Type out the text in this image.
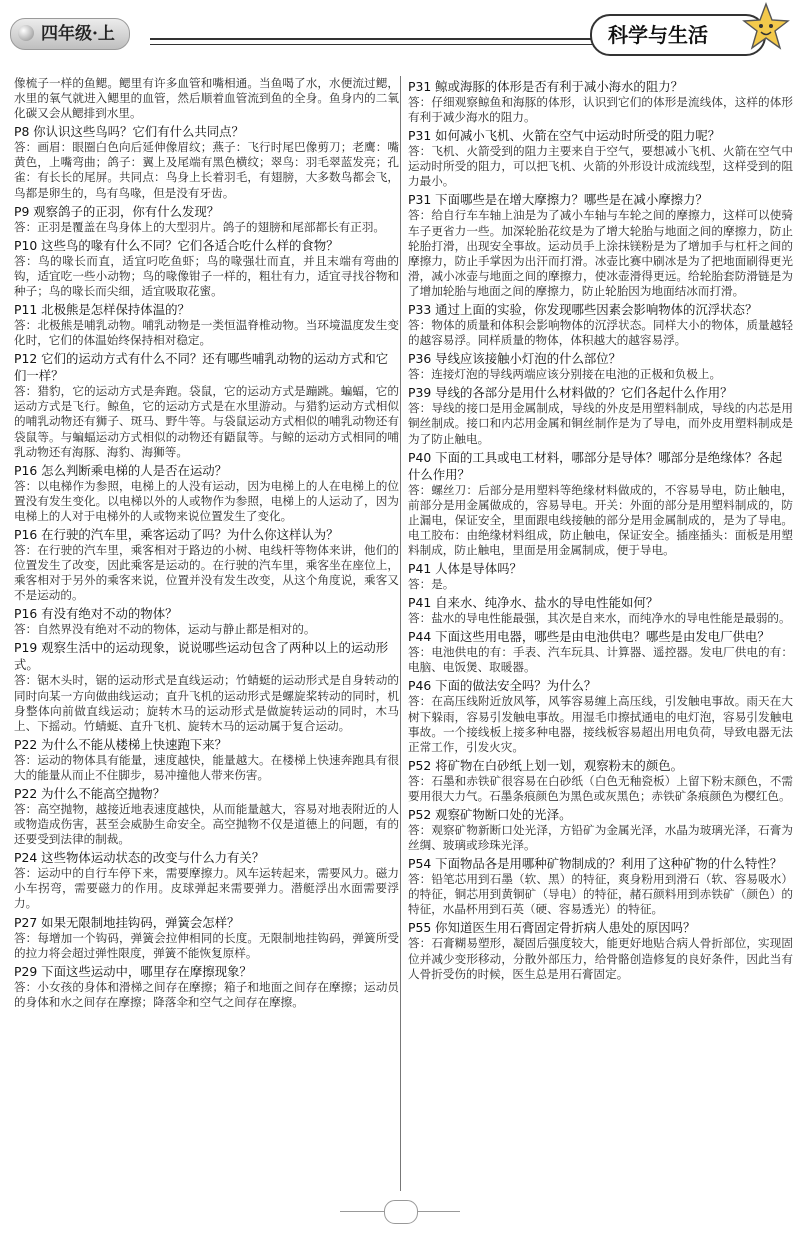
四年级·上	科学与生活
像梳子一样的鱼鳃。鳃里有许多血管和嘴相通。当鱼喝了水，水便流过鳃，水里的氧气就进入鳃里的血管，然后顺着血管流到鱼的全身。鱼身内的二氧化碳又会从鳃排到水里。
P8 你认识这些鸟吗？它们有什么共同点？
答：画眉：眼圈白色向后延伸像眉纹；燕子：飞行时尾巴像剪刀；老鹰：嘴黄色，上嘴弯曲；鸽子：翼上及尾端有黑色横纹；翠鸟：羽毛翠蓝发亮；孔雀：有长长的尾屏。共同点：鸟身上长着羽毛，有翅膀，大多数鸟都会飞，鸟都是卵生的，鸟有鸟喙，但是没有牙齿。
P9 观察鸽子的正羽，你有什么发现？
答：正羽是覆盖在鸟身体上的大型羽片。鸽子的翅膀和尾部都长有正羽。
P10 这些鸟的喙有什么不同？它们各适合吃什么样的食物？
答：鸟的喙长而直，适宜叼吃鱼虾；鸟的喙强壮而直，并且末端有弯曲的钩，适宜吃一些小动物；鸟的喙像钳子一样的，粗壮有力，适宜寻找谷物和种子；鸟的喙长而尖细，适宜吸取花蜜。
P11 北极熊是怎样保持体温的？
答：北极熊是哺乳动物。哺乳动物是一类恒温脊椎动物。当环境温度发生变化时，它们的体温始终保持相对稳定。
P12 它们的运动方式有什么不同？还有哪些哺乳动物的运动方式和它们一样？
答：猎豹，它的运动方式是奔跑。袋鼠，它的运动方式是蹦跳。蝙蝠，它的运动方式是飞行。鲸鱼，它的运动方式是在水里游动。与猎豹运动方式相似的哺乳动物还有狮子、斑马、野牛等。与袋鼠运动方式相似的哺乳动物还有袋鼠等。与蝙蝠运动方式相似的动物还有鼯鼠等。与鲸的运动方式相同的哺乳动物还有海豚、海豹、海狮等。
P16 怎么判断乘电梯的人是否在运动？
答：以电梯作为参照，电梯上的人没有运动，因为电梯上的人在电梯上的位置没有发生变化。以电梯以外的人或物作为参照，电梯上的人运动了，因为电梯上的人对于电梯外的人或物来说位置发生了变化。
P16 在行驶的汽车里，乘客运动了吗？为什么你这样认为？
答：在行驶的汽车里，乘客相对于路边的小树、电线杆等物体来讲，他们的位置发生了改变，因此乘客是运动的。在行驶的汽车里，乘客坐在座位上，乘客相对于另外的乘客来说，位置并没有发生改变，从这个角度说，乘客又不是运动的。
P16 有没有绝对不动的物体？
答：自然界没有绝对不动的物体，运动与静止都是相对的。
P19 观察生活中的运动现象，说说哪些运动包含了两种以上的运动形式。
答：锯木头时，锯的运动形式是直线运动；竹蜻蜓的运动形式是自身转动的同时向某一方向做曲线运动；直升飞机的运动形式是螺旋桨转动的同时，机身整体向前做直线运动；旋转木马的运动形式是做旋转运动的同时，木马上、下摇动。竹蜻蜓、直升飞机、旋转木马的运动属于复合运动。
P22 为什么不能从楼梯上快速跑下来？
答：运动的物体具有能量，速度越快，能量越大。在楼梯上快速奔跑具有很大的能量从而止不住脚步，易冲撞他人带来伤害。
P22 为什么不能高空抛物？
答：高空抛物，越接近地表速度越快，从而能量越大，容易对地表附近的人或物造成伤害，甚至会威胁生命安全。高空抛物不仅是道德上的问题，有的还要受到法律的制裁。
P24 这些物体运动状态的改变与什么力有关？
答：运动中的自行车停下来，需要摩擦力。风车运转起来，需要风力。磁力小车拐弯，需要磁力的作用。皮球弹起来需要弹力。潜艇浮出水面需要浮力。
P27 如果无限制地挂钩码，弹簧会怎样？
答：每增加一个钩码，弹簧会拉伸相同的长度。无限制地挂钩码，弹簧所受的拉力将会超过弹性限度，弹簧不能恢复原样。
P29 下面这些运动中，哪里存在摩擦现象？
答：小女孩的身体和滑梯之间存在摩擦；箱子和地面之间存在摩擦；运动员的身体和水之间存在摩擦；降落伞和空气之间存在摩擦。
P31 鲸或海豚的体形是否有利于减小海水的阻力？
答：仔细观察鲸鱼和海豚的体形，认识到它们的体形是流线体，这样的体形有利于减少海水的阻力。
P31 如何减小飞机、火箭在空气中运动时所受的阻力呢？
答：飞机、火箭受到的阻力主要来自于空气，要想减小飞机、火箭在空气中运动时所受的阻力，可以把飞机、火箭的外形设计成流线型，这样受到的阻力最小。
P31 下面哪些是在增大摩擦力？哪些是在减小摩擦力？
答：给自行车车轴上油是为了减小车轴与车轮之间的摩擦力，这样可以使骑车子更省力一些。加深轮胎花纹是为了增大轮胎与地面之间的摩擦力，防止轮胎打滑，出现安全事故。运动员手上涂抹镁粉是为了增加手与杠杆之间的摩擦力，防止手掌因为出汗而打滑。冰壶比赛中刷冰是为了把地面刷得更光滑，减小冰壶与地面之间的摩擦力，使冰壶滑得更远。给轮胎套防滑链是为了增加轮胎与地面之间的摩擦力，防止轮胎因为地面结冰而打滑。
P33 通过上面的实验，你发现哪些因素会影响物体的沉浮状态？
答：物体的质量和体积会影响物体的沉浮状态。同样大小的物体，质量越轻的越容易浮。同样质量的物体，体积越大的越容易浮。
P36 导线应该接触小灯泡的什么部位？
答：连接灯泡的导线两端应该分别接在电池的正极和负极上。
P39 导线的各部分是用什么材料做的？它们各起什么作用？
答：导线的接口是用金属制成，导线的外皮是用塑料制成，导线的内芯是用铜丝制成。接口和内芯用金属和铜丝制作是为了导电，而外皮用塑料制成是为了防止触电。
P40 下面的工具或电工材料，哪部分是导体？哪部分是绝缘体？各起什么作用？
答：螺丝刀：后部分是用塑料等绝缘材料做成的，不容易导电，防止触电，前部分是用金属做成的，容易导电。开关：外面的部分是用塑料制成的，防止漏电，保证安全，里面跟电线接触的部分是用金属制成的，是为了导电。电工胶布：由绝缘材料组成，防止触电，保证安全。插座插头：面板是用塑料制成，防止触电，里面是用金属制成，便于导电。
P41 人体是导体吗？
答：是。
P41 自来水、纯净水、盐水的导电性能如何？
答：盐水的导电性能最强，其次是自来水，而纯净水的导电性能是最弱的。
P44 下面这些用电器，哪些是由电池供电？哪些是由发电厂供电？
答：电池供电的有：手表、汽车玩具、计算器、遥控器。发电厂供电的有：电脑、电饭煲、取暖器。
P46 下面的做法安全吗？为什么？
答：在高压线附近放风筝，风筝容易缠上高压线，引发触电事故。雨天在大树下躲雨，容易引发触电事故。用湿毛巾擦拭通电的电灯泡，容易引发触电事故。一个接线板上接多种电器，接线板容易超出用电负荷，导致电器无法正常工作，引发火灾。
P52 将矿物在白砂纸上划一划，观察粉末的颜色。
答：石墨和赤铁矿很容易在白砂纸（白色无釉瓷板）上留下粉末颜色，不需要用很大力气。石墨条痕颜色为黑色或灰黑色；赤铁矿条痕颜色为樱红色。
P52 观察矿物断口处的光泽。
答：观察矿物新断口处光泽，方铅矿为金属光泽，水晶为玻璃光泽，石膏为丝绸、玻璃或珍珠光泽。
P54 下面物品各是用哪种矿物制成的？利用了这种矿物的什么特性？
答：铅笔芯用到石墨（软、黑）的特征，爽身粉用到滑石（软、容易吸水）的特征，铜芯用到黄铜矿（导电）的特征，赭石颜料用到赤铁矿（颜色）的特征，水晶杯用到石英（硬、容易透光）的特征。
P55 你知道医生用石膏固定骨折病人患处的原因吗？
答：石膏糊易塑形，凝固后强度较大，能更好地贴合病人骨折部位，实现固位并减少变形移动，分散外部压力，给骨骼创造修复的良好条件，因此当有人骨折受伤的时候，医生总是用石膏固定。
